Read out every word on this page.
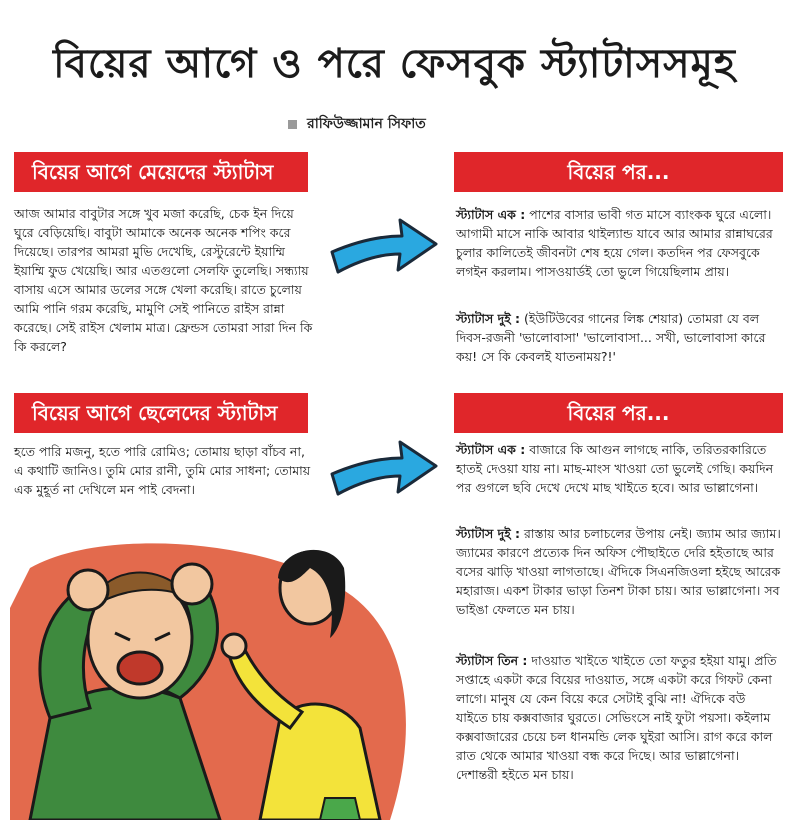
বিয়ের আগে ও পরে ফেসবুক স্ট্যাটাসসমূহ
রাফিউজ্জামান সিফাত
বিয়ের আগে মেয়েদের স্ট্যাটাস

আজ আমার বাবুটার সঙ্গে খুব মজা করেছি, চেক ইন দিয়ে ঘুরে বেড়িয়েছি। বাবুটা আমাকে অনেক অনেক শপিং করে দিয়েছে। তারপর আমরা মুভি দেখেছি, রেস্টুরেন্টে ইয়াম্মি ইয়াম্মি ফুড খেয়েছি। আর এতগুলো সেলফি তুলেছি। সন্ধ্যায় বাসায় এসে আমার ডলের সঙ্গে খেলা করেছি। রাতে চুলোয় আমি পানি গরম করেছি, মামুণি সেই পানিতে রাইস রান্না করেছে। সেই রাইস খেলাম মাত্র। ফ্রেন্ডস তোমরা সারা দিন কি কি করলে?

বিয়ের পর...

স্ট্যাটাস এক : পাশের বাসার ভাবী গত মাসে ব্যাংকক ঘুরে এলো। আগামী মাসে নাকি আবার থাইল্যান্ড যাবে আর আমার রান্নাঘরের চুলার কালিতেই জীবনটা শেষ হয়ে গেল। কতদিন পর ফেসবুকে লগইন করলাম। পাসওয়ার্ডই তো ভুলে গিয়েছিলাম প্রায়।

স্ট্যাটাস দুই : (ইউটিউবের গানের লিঙ্ক শেয়ার) তোমরা যে বল দিবস-রজনী 'ভালোবাসা' 'ভালোবাসা... সখী, ভালোবাসা কারে কয়! সে কি কেবলই যাতনাময়?!'

বিয়ের আগে ছেলেদের স্ট্যাটাস

হতে পারি মজনু, হতে পারি রোমিও; তোমায় ছাড়া বাঁচব না, এ কথাটি জানিও। তুমি মোর রানী, তুমি মোর সাধনা; তোমায় এক মুহূর্ত না দেখিলে মন পাই বেদনা।

বিয়ের পর...

স্ট্যাটাস এক : বাজারে কি আগুন লাগছে নাকি, তরিতরকারিতে হাতই দেওয়া যায় না। মাছ-মাংস খাওয়া তো ভুলেই গেছি। কয়দিন পর গুগলে ছবি দেখে দেখে মাছ খাইতে হবে। আর ভাল্লাগেনা।

স্ট্যাটাস দুই : রাস্তায় আর চলাচলের উপায় নেই। জ্যাম আর জ্যাম। জ্যামের কারণে প্রত্যেক দিন অফিস পৌছাইতে দেরি হইতাছে আর বসের ঝাড়ি খাওয়া লাগতাছে। ঐদিকে সিএনজিওলা হইছে আরেক মহারাজ। একশ টাকার ভাড়া তিনশ টাকা চায়। আর ভাল্লাগেনা। সব ভাইঙা ফেলতে মন চায়।

স্ট্যাটাস তিন : দাওয়াত খাইতে খাইতে তো ফতুর হইয়া যামু। প্রতি সপ্তাহে একটা করে বিয়ের দাওয়াত, সঙ্গে একটা করে গিফট কেনা লাগে। মানুষ যে কেন বিয়ে করে সেটাই বুঝি না! ঐদিকে বউ যাইতে চায় কক্সবাজার ঘুরতে। সেভিংসে নাই ফুটা পয়সা। কইলাম কক্সবাজারের চেয়ে চল ধানমন্ডি লেক ঘুইরা আসি। রাগ করে কাল রাত থেকে আমার খাওয়া বন্ধ করে দিছে। আর ভাল্লাগেনা। দেশান্তরী হইতে মন চায়।
